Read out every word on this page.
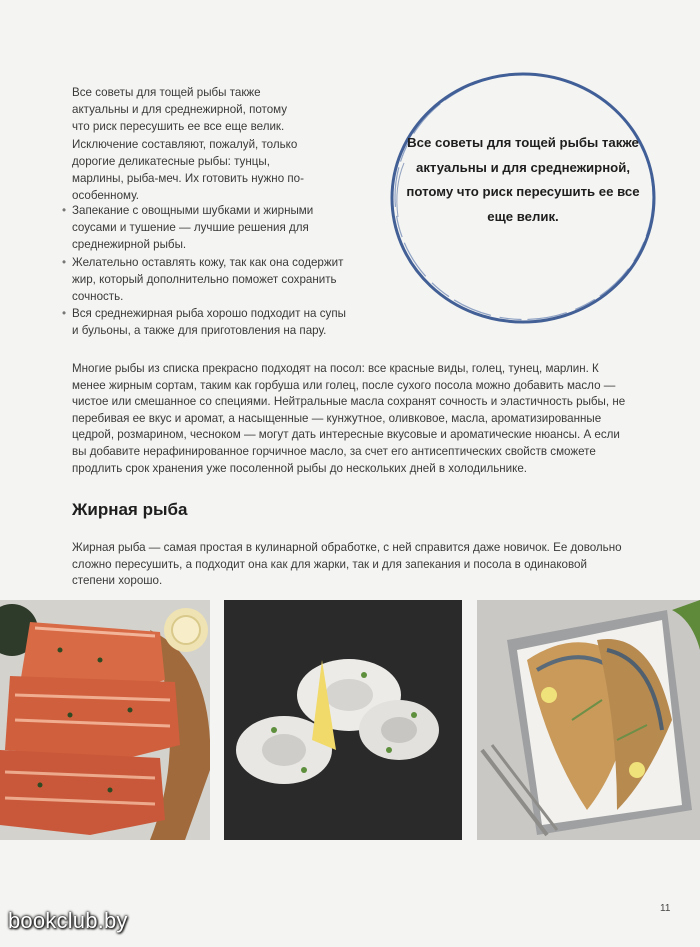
Все советы для тощей рыбы также актуальны и для среднежирной, потому что риск пересушить ее все еще велик. Исключение составляют, пожалуй, только дорогие деликатесные рыбы: тунцы, марлины, рыба-меч. Их готовить нужно по-особенному.

• Запекание с овощными шубками и жирными соусами и тушение — лучшие решения для среднежирной рыбы.
• Желательно оставлять кожу, так как она содержит жир, который дополнительно поможет сохранить сочность.
• Вся среднежирная рыба хорошо подходит на супы и бульоны, а также для приготовления на пару.

Все советы для тощей рыбы также актуальны и для среднежирной, потому что риск пересушить ее все еще велик.

Многие рыбы из списка прекрасно подходят на посол: все красные виды, голец, тунец, марлин. К менее жирным сортам, таким как горбуша или голец, после сухого посола можно добавить масло — чистое или смешанное со специями. Нейтральные масла сохранят сочность и эластичность рыбы, не перебивая ее вкус и аромат, а насыщенные — кунжутное, оливковое, масла, ароматизированные цедрой, розмарином, чесноком — могут дать интересные вкусовые и ароматические нюансы. А если вы добавите нерафинированное горчичное масло, за счет его антисептических свойств сможете продлить срок хранения уже посоленной рыбы до нескольких дней в холодильнике.

Жирная рыба

Жирная рыба — самая простая в кулинарной обработке, с ней справится даже новичок. Ее довольно сложно пересушить, а подходит она как для жарки, так и для запекания и посола в одинаковой степени хорошо.

11
bookclub.by
